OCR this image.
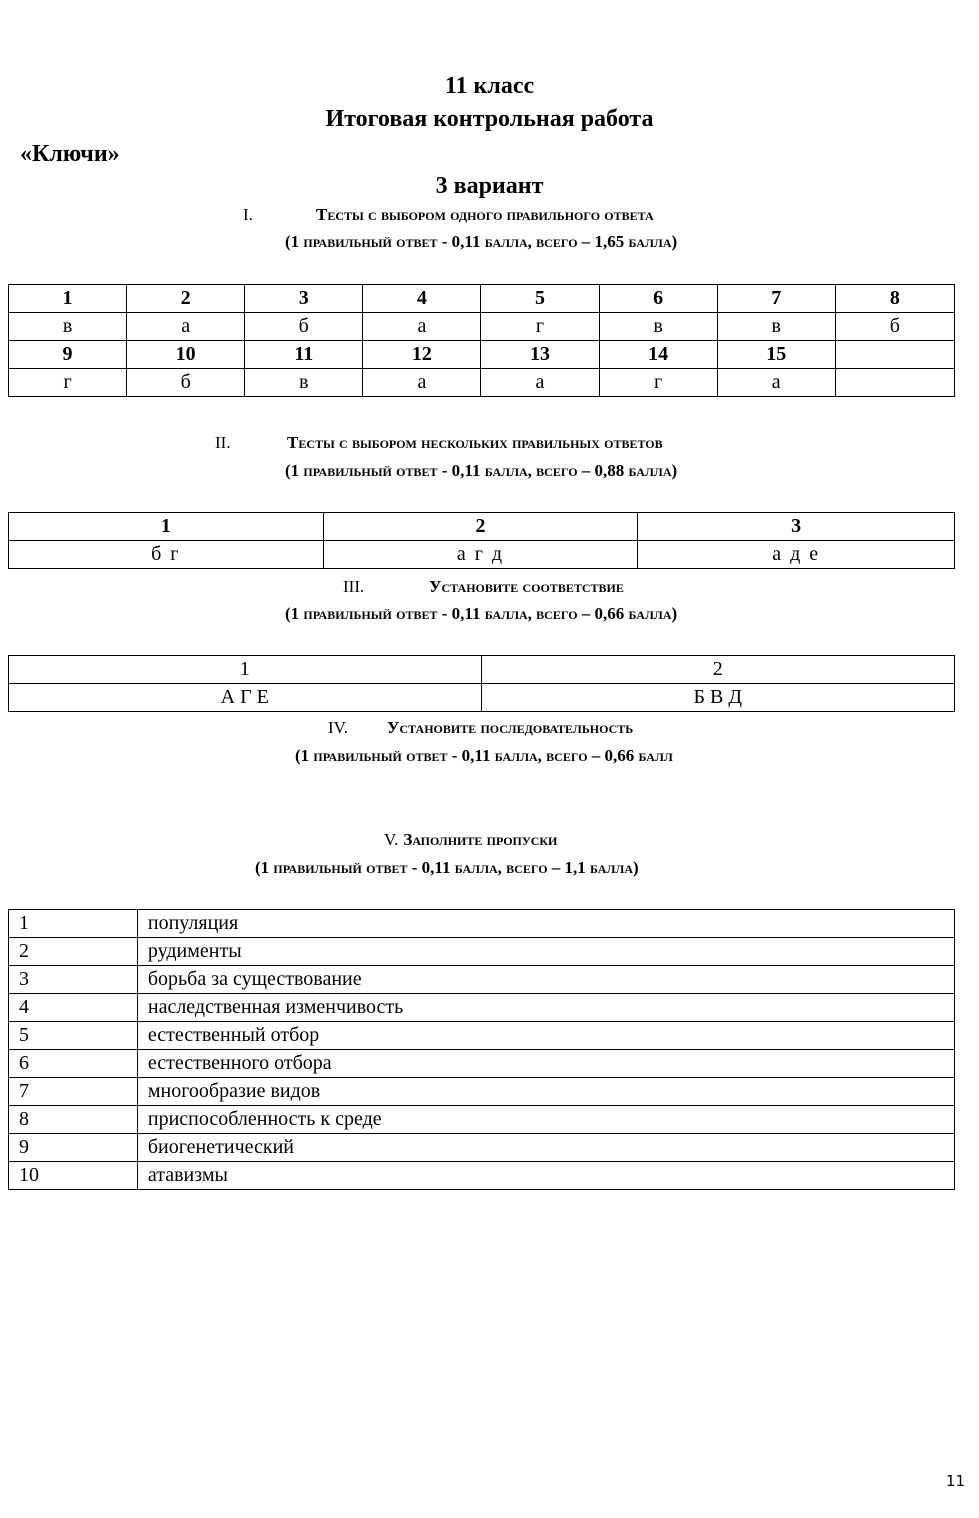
11 класс
Итоговая контрольная работа
«Ключи»
3 вариант
I.	Тесты с выбором одного правильного ответа
(1 правильный ответ - 0,11 балла, всего – 1,65 балла)
1	2	3	4	5	6	7	8
в	а	б	а	г	в	в	б
9	10	11	12	13	14	15	
г	б	в	а	а	г	а	
II.	Тесты с выбором нескольких правильных ответов
(1 правильный ответ - 0,11 балла, всего – 0,88 балла)
1	2	3
б г	а г д	а д е
III.	Установите соответствие
(1 правильный ответ - 0,11 балла, всего – 0,66 балла)
1	2
А Г Е	Б В Д
IV. Установите последовательность
(1 правильный ответ - 0,11 балла, всего – 0,66 балл
V. Заполните пропуски
(1 правильный ответ - 0,11 балла, всего – 1,1 балла)
1	популяция
2	рудименты
3	борьба за существование
4	наследственная изменчивость
5	естественный отбор
6	естественного отбора
7	многообразие видов
8	приспособленность к среде
9	биогенетический
10	атавизмы
11
